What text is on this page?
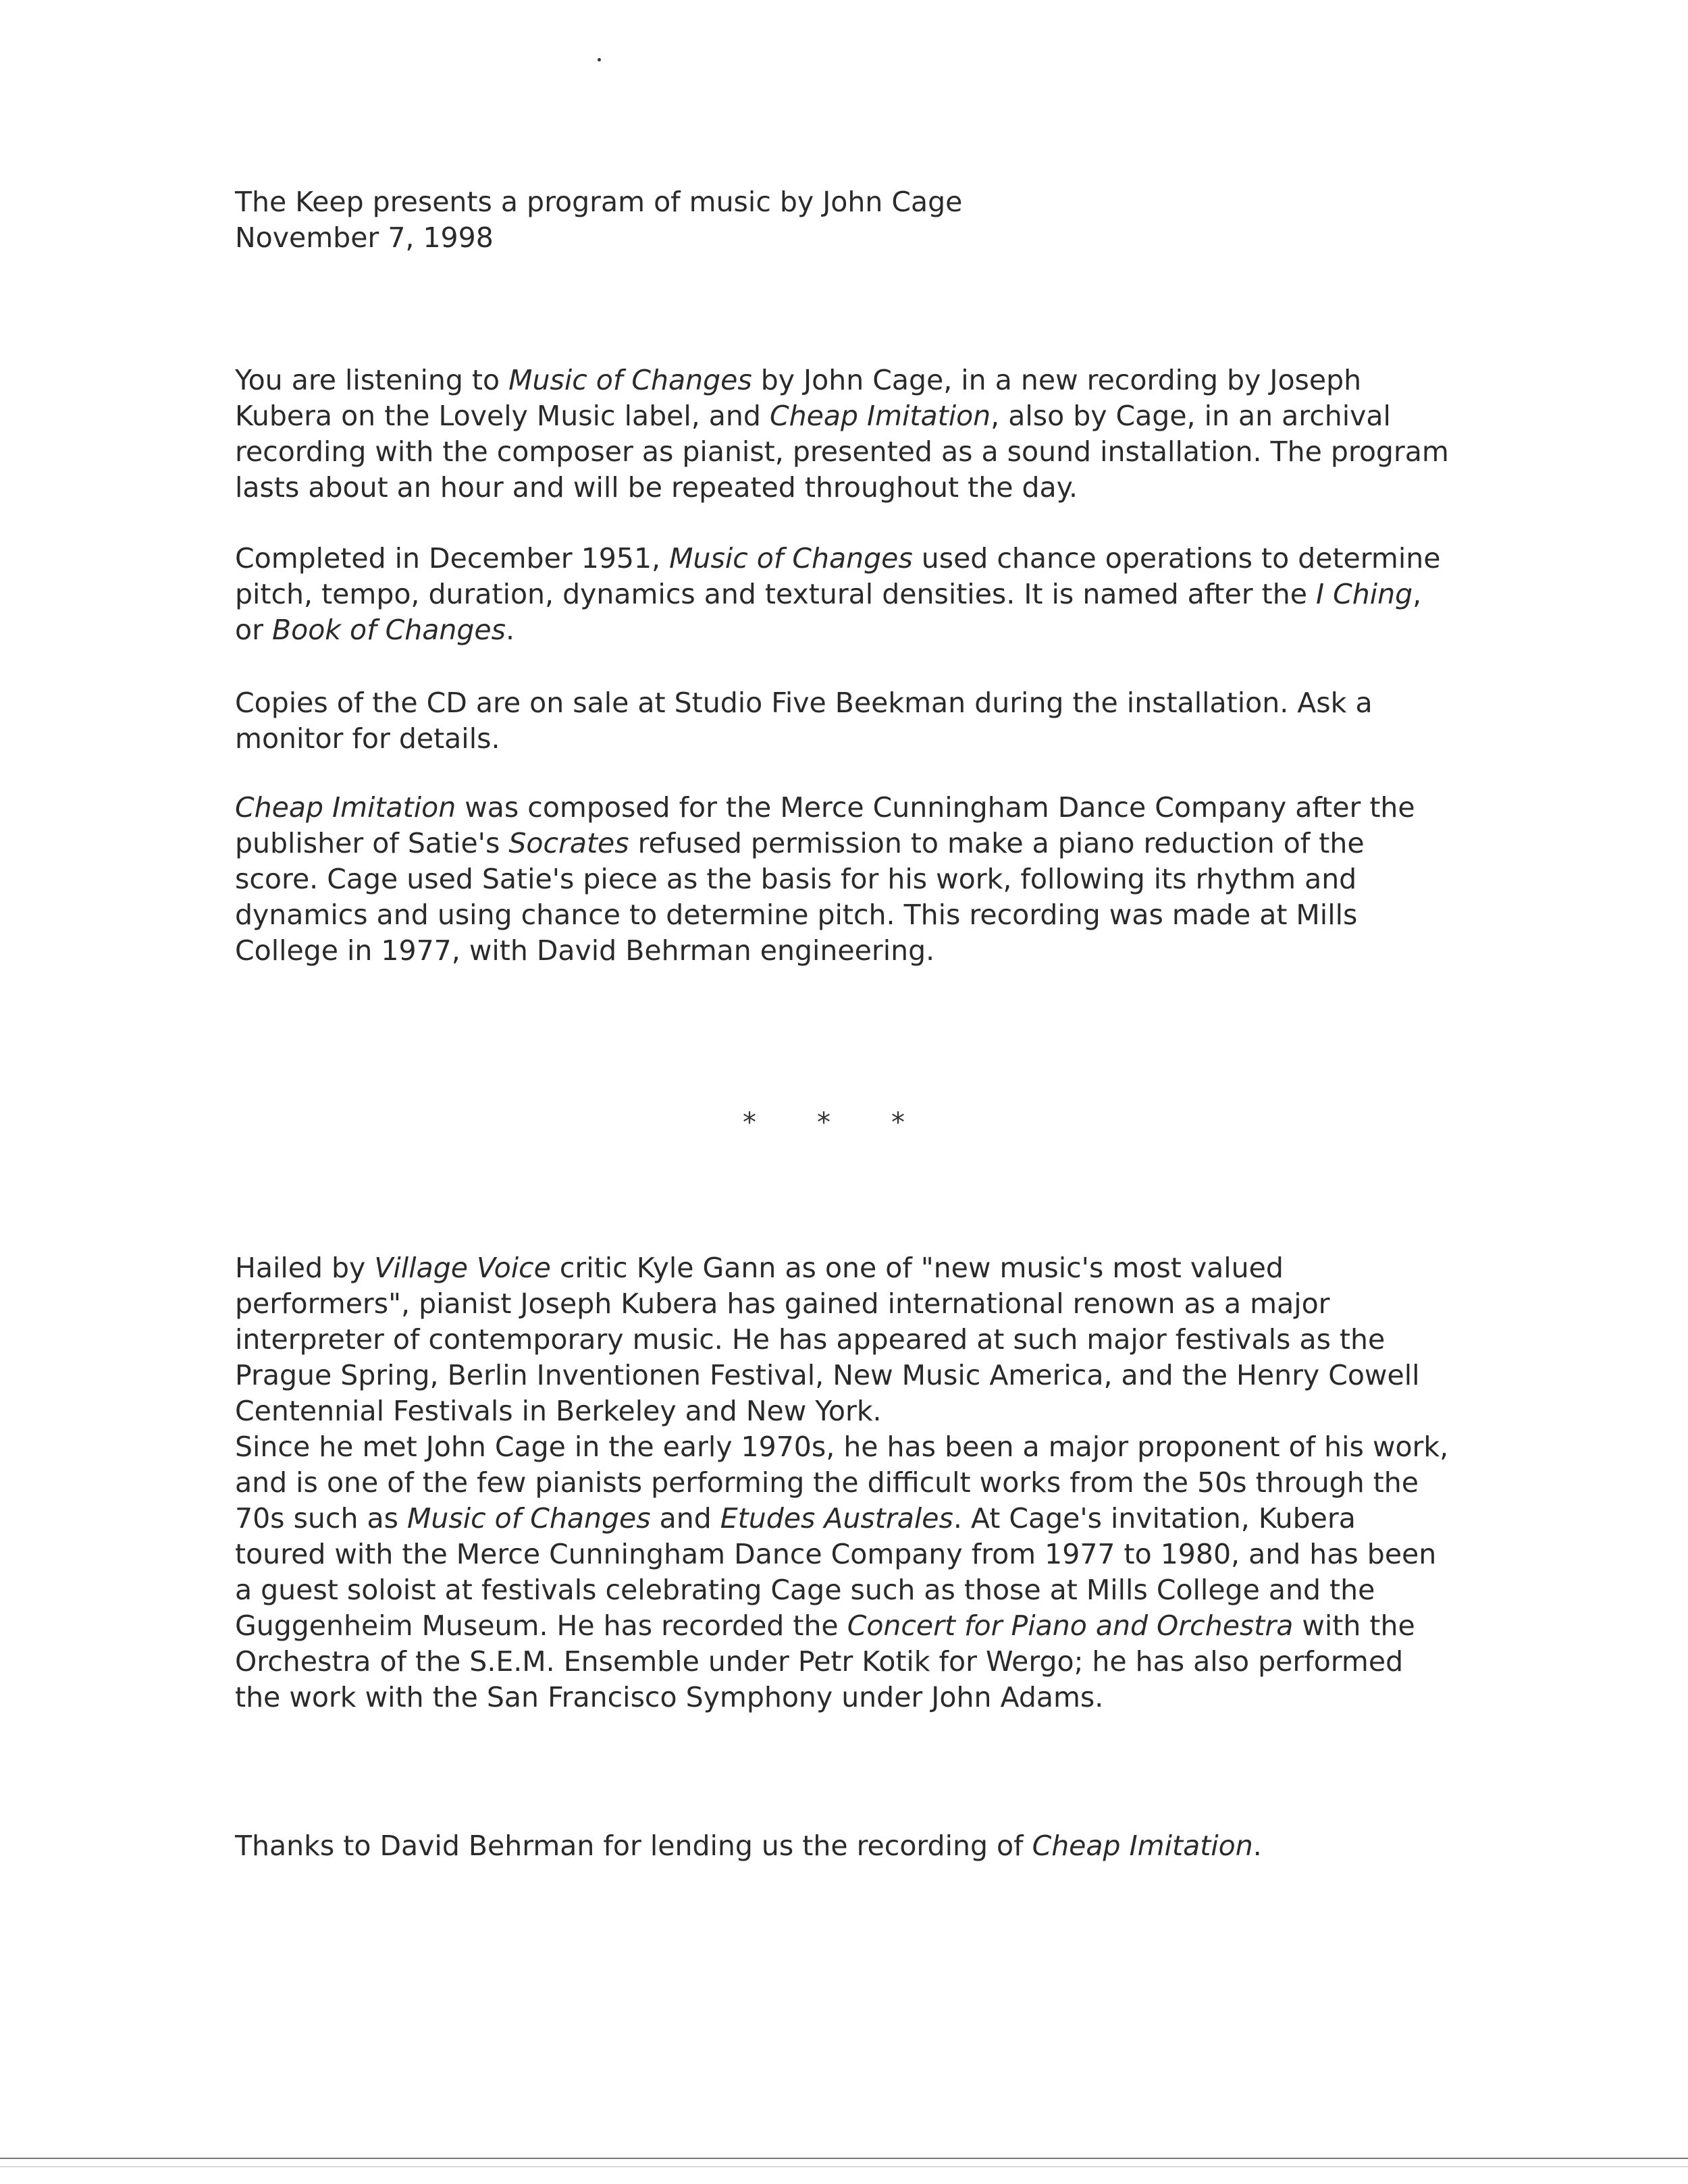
The Keep presents a program of music by John Cage

November 7, 1998

You are listening to Music of Changes by John Cage, in a new recording by Joseph Kubera on the Lovely Music label, and Cheap Imitation, also by Cage, in an archival recording with the composer as pianist, presented as a sound installation. The program lasts about an hour and will be repeated throughout the day.

Completed in December 1951, Music of Changes used chance operations to determine pitch, tempo, duration, dynamics and textural densities. It is named after the I Ching, or Book of Changes.

Copies of the CD are on sale at Studio Five Beekman during the installation. Ask a monitor for details.

Cheap Imitation was composed for the Merce Cunningham Dance Company after the publisher of Satie's Socrates refused permission to make a piano reduction of the score. Cage used Satie's piece as the basis for his work, following its rhythm and dynamics and using chance to determine pitch. This recording was made at Mills College in 1977, with David Behrman engineering.

* * *

Hailed by Village Voice critic Kyle Gann as one of "new music's most valued performers", pianist Joseph Kubera has gained international renown as a major interpreter of contemporary music. He has appeared at such major festivals as the Prague Spring, Berlin Inventionen Festival, New Music America, and the Henry Cowell Centennial Festivals in Berkeley and New York.

Since he met John Cage in the early 1970s, he has been a major proponent of his work, and is one of the few pianists performing the difficult works from the 50s through the 70s such as Music of Changes and Etudes Australes. At Cage's invitation, Kubera toured with the Merce Cunningham Dance Company from 1977 to 1980, and has been a guest soloist at festivals celebrating Cage such as those at Mills College and the Guggenheim Museum. He has recorded the Concert for Piano and Orchestra with the Orchestra of the S.E.M. Ensemble under Petr Kotik for Wergo; he has also performed the work with the San Francisco Symphony under John Adams.

Thanks to David Behrman for lending us the recording of Cheap Imitation.
